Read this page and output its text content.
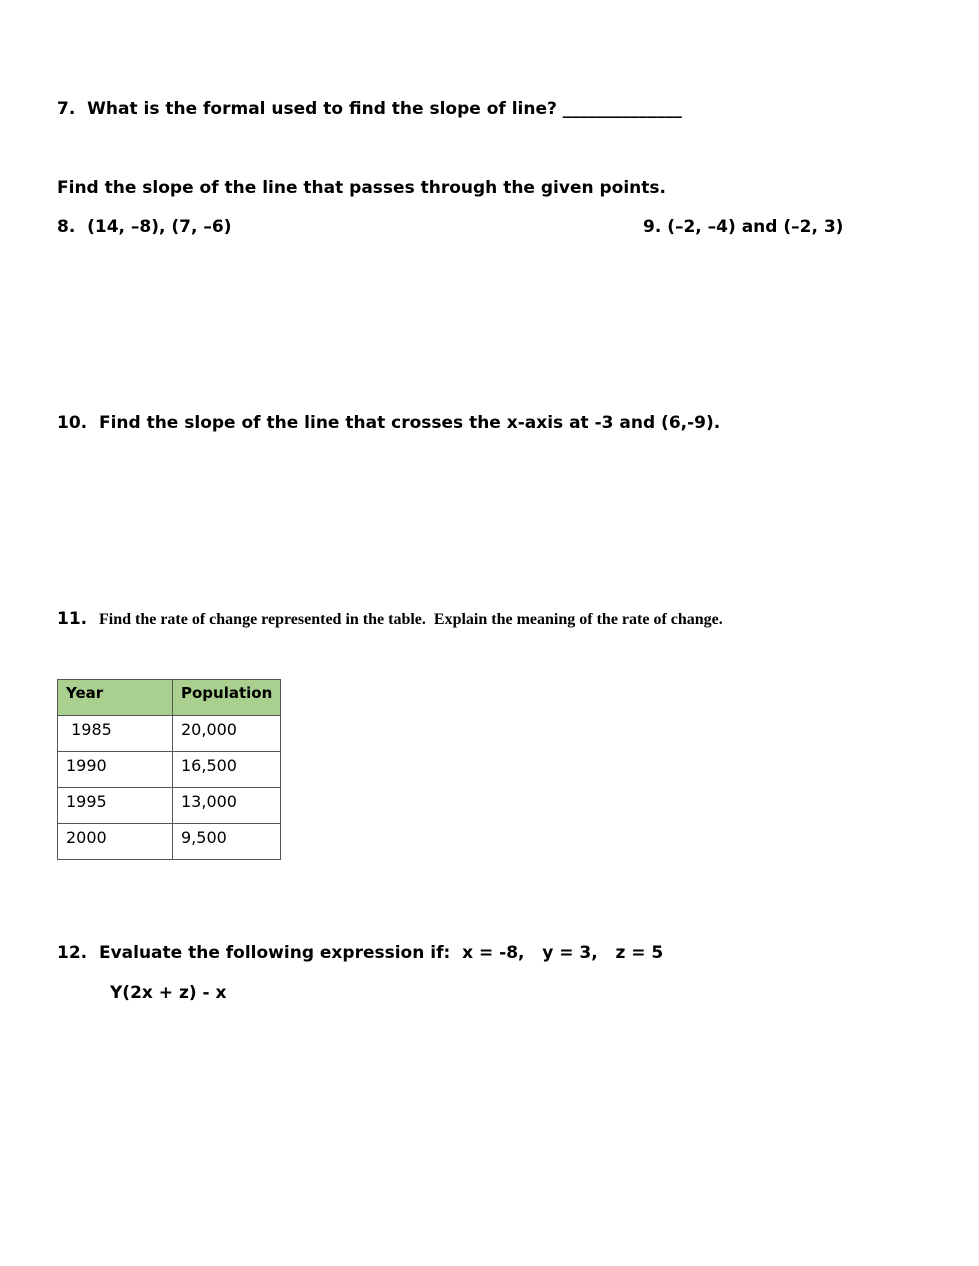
7.  What is the formal used to find the slope of line? ______________
Find the slope of the line that passes through the given points.
8.  (14, –8), (7, –6)	9. (–2, –4) and (–2, 3)
10.  Find the slope of the line that crosses the x-axis at -3 and (6,-9).
11. Find the rate of change represented in the table.  Explain the meaning of the rate of change.
Year	Population
1985	20,000
1990	16,500
1995	13,000
2000	9,500
12.  Evaluate the following expression if:  x = -8,   y = 3,   z = 5
Y(2x + z) - x
